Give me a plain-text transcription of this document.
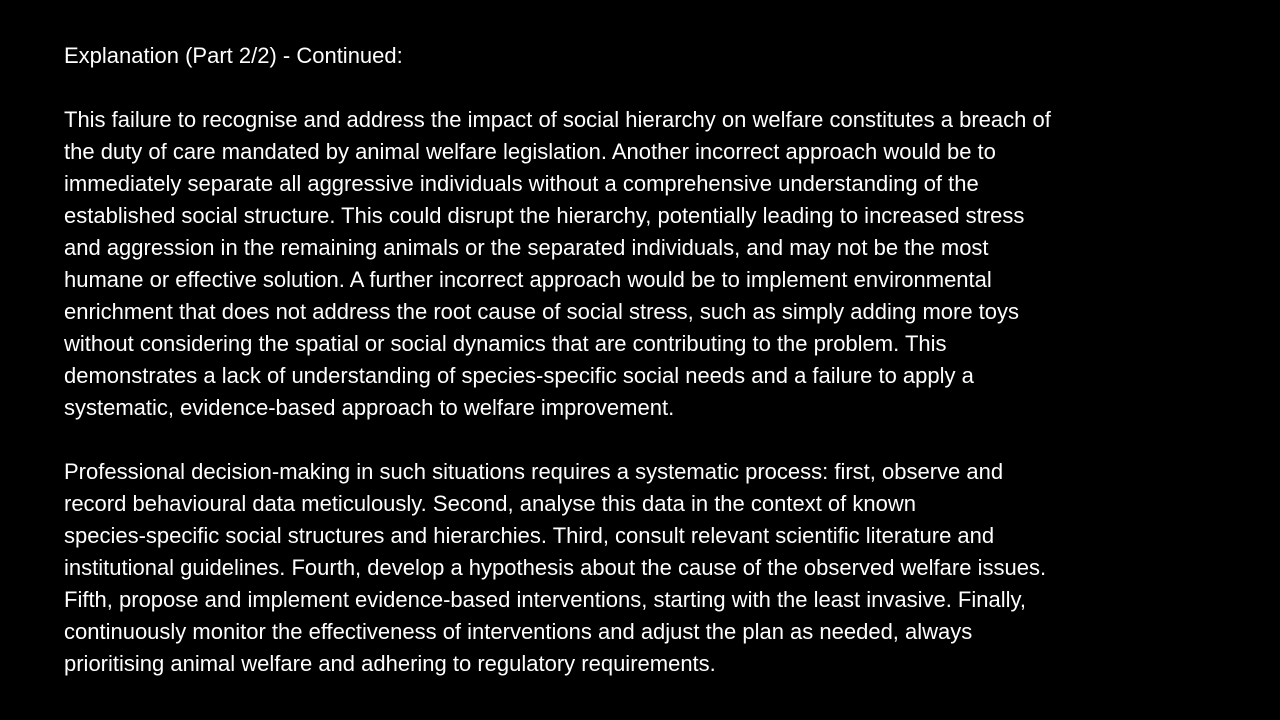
Explanation (Part 2/2) - Continued:
This failure to recognise and address the impact of social hierarchy on welfare constitutes a breach of
the duty of care mandated by animal welfare legislation. Another incorrect approach would be to
immediately separate all aggressive individuals without a comprehensive understanding of the
established social structure. This could disrupt the hierarchy, potentially leading to increased stress
and aggression in the remaining animals or the separated individuals, and may not be the most
humane or effective solution. A further incorrect approach would be to implement environmental
enrichment that does not address the root cause of social stress, such as simply adding more toys
without considering the spatial or social dynamics that are contributing to the problem. This
demonstrates a lack of understanding of species-specific social needs and a failure to apply a
systematic, evidence-based approach to welfare improvement.
Professional decision-making in such situations requires a systematic process: first, observe and
record behavioural data meticulously. Second, analyse this data in the context of known
species-specific social structures and hierarchies. Third, consult relevant scientific literature and
institutional guidelines. Fourth, develop a hypothesis about the cause of the observed welfare issues.
Fifth, propose and implement evidence-based interventions, starting with the least invasive. Finally,
continuously monitor the effectiveness of interventions and adjust the plan as needed, always
prioritising animal welfare and adhering to regulatory requirements.
